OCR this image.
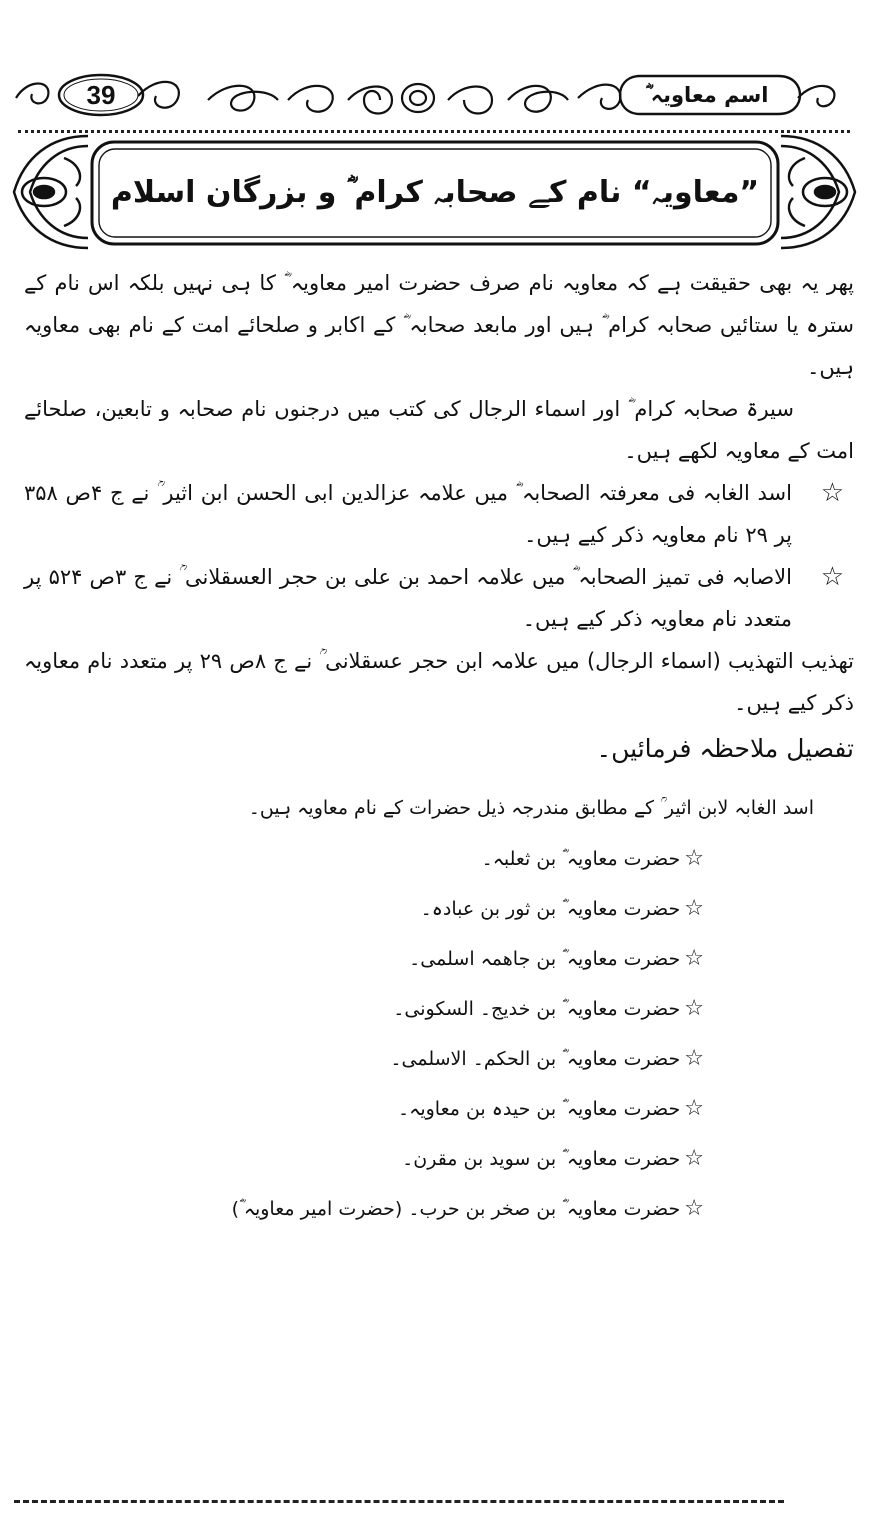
39	اسم معاویہ ؓ
”معاویہ“ نام کے صحابہ کرام ؓ و بزرگان اسلام

پھر یہ بھی حقیقت ہے کہ معاویہ نام صرف حضرت امیر معاویہ ؓ کا ہی نہیں بلکہ اس نام کے سترہ یا ستائیں صحابہ کرام ؓ ہیں اور مابعد صحابہ ؓ کے اکابر و صلحائے امت کے نام بھی معاویہ ہیں۔

سیرۃ صحابہ کرام ؓ اور اسماء الرجال کی کتب میں درجنوں نام صحابہ و تابعین، صلحائے امت کے معاویہ لکھے ہیں۔

☆

اسد الغابہ فی معرفتہ الصحابہ ؓ میں علامہ عزالدین ابی الحسن ابن اثیر ؒ نے ج ۴ص ۳۵۸ پر ۲۹ نام معاویہ ذکر کیے ہیں۔

☆

الاصابہ فی تمیز الصحابہ ؓ میں علامہ احمد بن علی بن حجر العسقلانی ؒ نے ج ۳ص ۵۲۴ پر متعدد نام معاویہ ذکر کیے ہیں۔

تھذیب التھذیب (اسماء الرجال) میں علامہ ابن حجر عسقلانی ؒ نے ج ۸ص ۲۹ پر متعدد نام معاویہ ذکر کیے ہیں۔

تفصیل ملاحظہ فرمائیں۔

اسد الغابہ لابن اثیر ؒ کے مطابق مندرجہ ذیل حضرات کے نام معاویہ ہیں۔

☆حضرت معاویہ ؓ بن ثعلبہ۔
☆حضرت معاویہ ؓ بن ثور بن عبادہ۔
☆حضرت معاویہ ؓ بن جاھمہ اسلمی۔
☆حضرت معاویہ ؓ بن خدیج۔ السکونی۔
☆حضرت معاویہ ؓ بن الحکم۔ الاسلمی۔
☆حضرت معاویہ ؓ بن حیدہ بن معاویہ۔
☆حضرت معاویہ ؓ بن سوید بن مقرن۔
☆حضرت معاویہ ؓ بن صخر بن حرب۔ (حضرت امیر معاویہ ؓ)
